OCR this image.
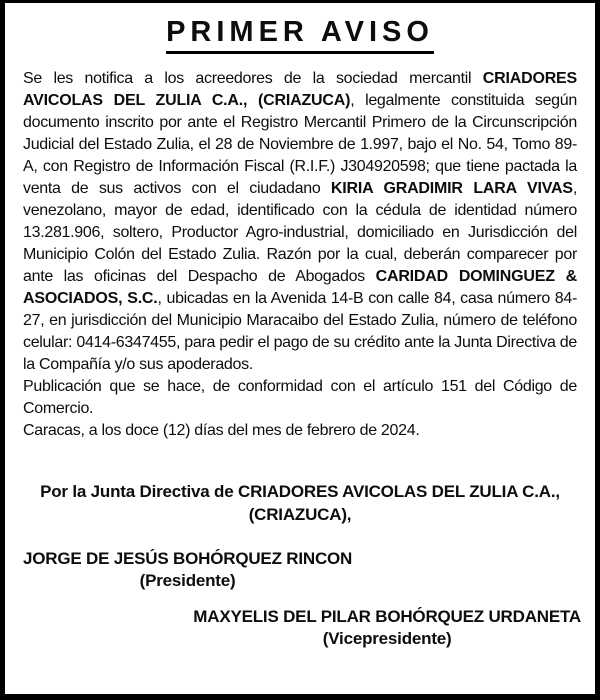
PRIMER AVISO

Se les notifica a los acreedores de la sociedad mercantil CRIADORES AVICOLAS DEL ZULIA C.A., (CRIAZUCA), legalmente constituida según documento inscrito por ante el Registro Mercantil Primero de la Circunscripción Judicial del Estado Zulia, el 28 de Noviembre de 1.997, bajo el No. 54, Tomo 89-A, con Registro de Información Fiscal (R.I.F.) J304920598; que tiene pactada la venta de sus activos con el ciudadano KIRIA GRADIMIR LARA VIVAS, venezolano, mayor de edad, identificado con la cédula de identidad número 13.281.906, soltero, Productor Agro-industrial, domiciliado en Jurisdicción del Municipio Colón del Estado Zulia. Razón por la cual, deberán comparecer por ante las oficinas del Despacho de Abogados CARIDAD DOMINGUEZ & ASOCIADOS, S.C., ubicadas en la Avenida 14-B con calle 84, casa número 84-27, en jurisdicción del Municipio Maracaibo del Estado Zulia, número de teléfono celular: 0414-6347455, para pedir el pago de su crédito ante la Junta Directiva de la Compañía y/o sus apoderados.

Publicación que se hace, de conformidad con el artículo 151 del Código de Comercio.

Caracas, a los doce (12) días del mes de febrero de 2024.

Por la Junta Directiva de CRIADORES AVICOLAS DEL ZULIA C.A.,
(CRIAZUCA),
JORGE DE JESÚS BOHÓRQUEZ RINCON
(Presidente)
MAXYELIS DEL PILAR BOHÓRQUEZ URDANETA
(Vicepresidente)
